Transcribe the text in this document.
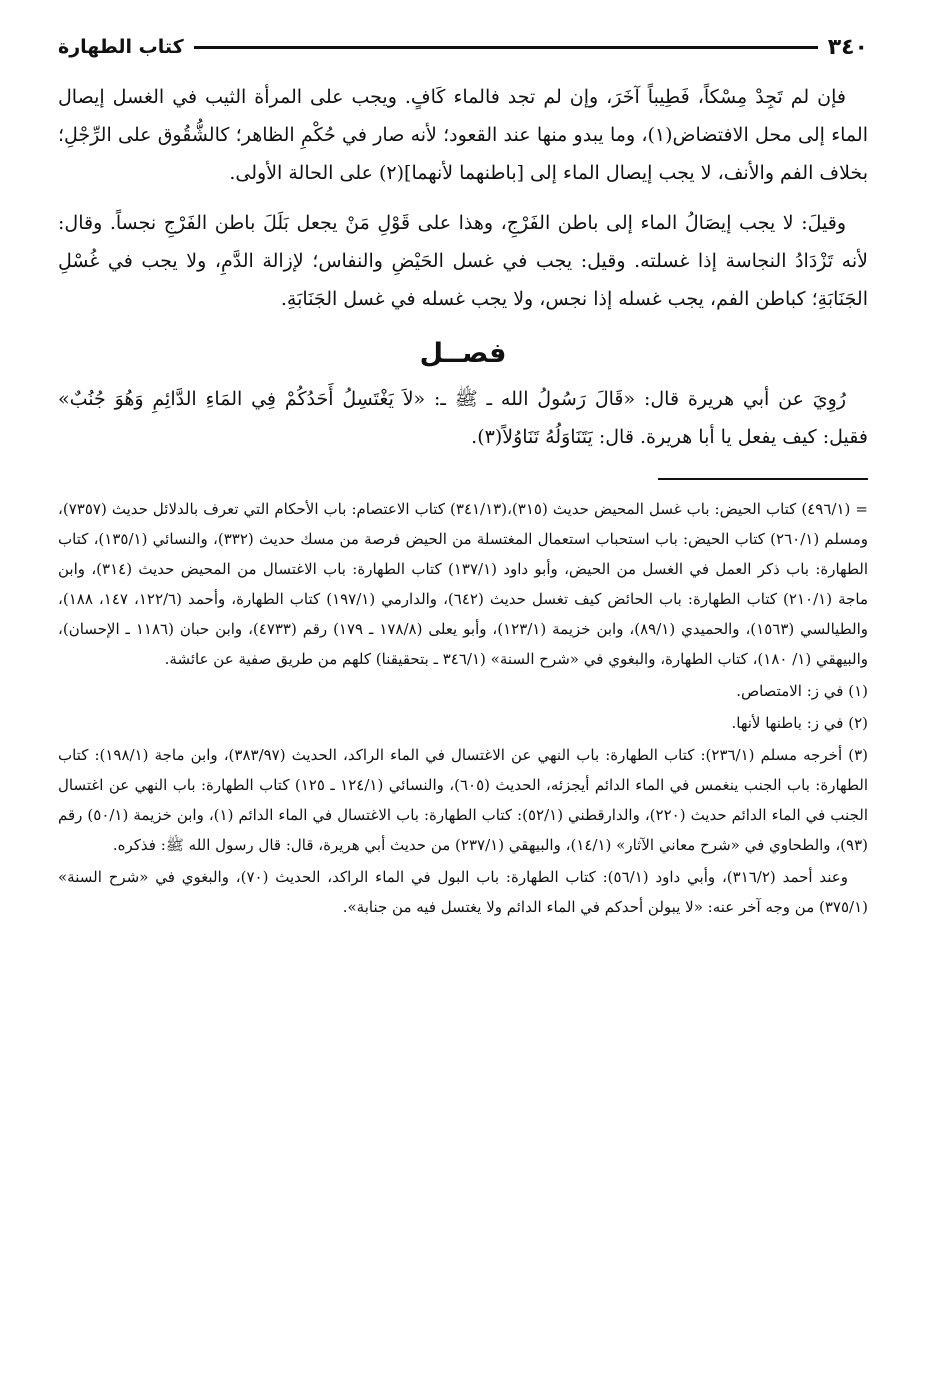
٣٤٠
كتاب الطهارة

فإن لم تَجِدْ مِسْكاً، فَطِيباً آخَرَ، وإن لم تجد فالماء كَافٍ. ويجب على المرأة الثيب في الغسل إيصال الماء إلى محل الافتضاض(١)، وما يبدو منها عند القعود؛ لأنه صار في حُكْمِ الظاهر؛ كالشُّقُوق على الرِّجْلِ؛ بخلاف الفم والأنف، لا يجب إيصال الماء إلى [باطنهما لأنهما](٢) على الحالة الأولى.

وقيلَ: لا يجب إيصَالُ الماء إلى باطن الفَرْجِ، وهذا على قَوْلِ مَنْ يجعل بَلَلَ باطن الفَرْجِ نجساً. وقال: لأنه تَزْدَادُ النجاسة إذا غسلته. وقيل: يجب في غسل الحَيْضِ والنفاس؛ لإزالة الدَّمِ، ولا يجب في غُسْلِ الجَنَابَةِ؛ كباطن الفم، يجب غسله إذا نجس، ولا يجب غسله في غسل الجَنَابَةِ.

فصــل

رُوِيَ عن أبي هريرة قال: «قَالَ رَسُولُ الله ـ ﷺ ـ: «لاَ يَغْتَسِلُ أَحَدُكُمْ فِي المَاءِ الدَّائِمِ وَهُوَ جُنُبٌ» فقيل: كيف يفعل يا أبا هريرة. قال: يَتَنَاوَلُهُ تَنَاوُلاً(٣).

= (٤٩٦/١) كتاب الحيض: باب غسل المحيض حديث (٣١٥)،(٣٤١/١٣) كتاب الاعتصام: باب الأحكام التي تعرف بالدلائل حديث (٧٣٥٧)، ومسلم (٢٦٠/١) كتاب الحيض: باب استحباب استعمال المغتسلة من الحيض فرصة من مسك حديث (٣٣٢)، والنسائي (١٣٥/١)، كتاب الطهارة: باب ذكر العمل في الغسل من الحيض، وأبو داود (١٣٧/١) كتاب الطهارة: باب الاغتسال من المحيض حديث (٣١٤)، وابن ماجة (٢١٠/١) كتاب الطهارة: باب الحائض كيف تغسل حديث (٦٤٢)، والدارمي (١٩٧/١) كتاب الطهارة، وأحمد (١٢٢/٦، ١٤٧، ١٨٨)، والطيالسي (١٥٦٣)، والحميدي (٨٩/١)، وابن خزيمة (١٢٣/١)، وأبو يعلى (١٧٨/٨ ـ ١٧٩) رقم (٤٧٣٣)، وابن حبان (١١٨٦ ـ الإحسان)، والبيهقي (١/ ١٨٠)، كتاب الطهارة، والبغوي في «شرح السنة» (٣٤٦/١ ـ بتحقيقنا) كلهم من طريق صفية عن عائشة.

(١) في ز: الامتصاص.

(٢) في ز: باطنها لأنها.

(٣) أخرجه مسلم (٢٣٦/١): كتاب الطهارة: باب النهي عن الاغتسال في الماء الراكد، الحديث (٣٨٣/٩٧)، وابن ماجة (١٩٨/١): كتاب الطهارة: باب الجنب ينغمس في الماء الدائم أيجزئه، الحديث (٦٠٥)، والنسائي (١٢٤/١ ـ ١٢٥) كتاب الطهارة: باب النهي عن اغتسال الجنب في الماء الدائم حديث (٢٢٠)، والدارقطني (٥٢/١): كتاب الطهارة: باب الاغتسال في الماء الدائم (١)، وابن خزيمة (٥٠/١) رقم (٩٣)، والطحاوي في «شرح معاني الآثار» (١٤/١)، والبيهقي (٢٣٧/١) من حديث أبي هريرة، قال: قال رسول الله ﷺ: فذكره.

وعند أحمد (٣١٦/٢)، وأبي داود (٥٦/١): كتاب الطهارة: باب البول في الماء الراكد، الحديث (٧٠)، والبغوي في «شرح السنة» (٣٧٥/١) من وجه آخر عنه: «لا يبولن أحدكم في الماء الدائم ولا يغتسل فيه من جنابة».
